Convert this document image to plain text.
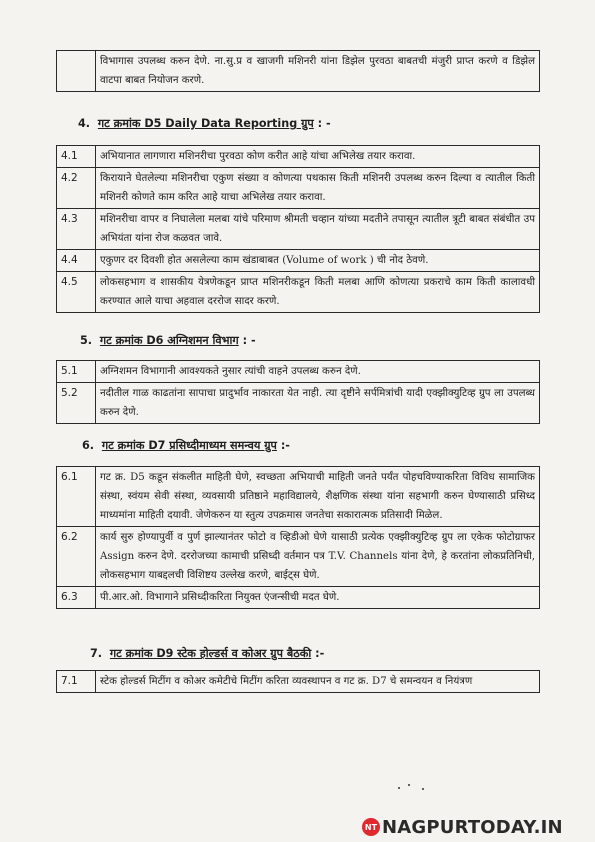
	विभागास उपलब्ध करुन देणे. ना.सु.प्र व खाजगी मशिनरी यांना डिझेल पुरवठा बाबतची मंजुरी प्राप्त करणे व डिझेल वाटपा बाबत नियोजन करणे.
4. गट क्रमांक D5 Daily Data Reporting ग्रुप : -
4.1	अभियानात लागणारा मशिनरीचा पुरवठा कोण करीत आहे यांचा अभिलेख तयार करावा.
4.2	किरायाने घेतलेल्या मशिनरीचा एकुण संख्या व कोणत्या पथकास किती मशिनरी उपलब्ध करुन दिल्या व त्यातील किती मशिनरी कोणते काम करित आहे याचा अभिलेख तयार करावा.
4.3	मशिनरीचा वापर व निघालेला मलबा यांचे परिमाण श्रीमती चव्हान यांच्या मदतीने तपासून त्यातील त्रूटी बाबत संबंधीत उप अभियंता यांना रोज कळवत जावे.
4.4	एकुणर दर दिवशी होत असलेल्या काम खंडाबाबत (Volume of work ) ची नोद ठेवणे.
4.5	लोकसहभाग व शासकीय येत्रणेकडून प्राप्त मशिनरीकडून किती मलबा आणि कोणत्या प्रकराचे काम किती कालावधी करण्यात आले याचा अहवाल दररोज सादर करणे.
5. गट क्रमांक D6 अग्निशमन विभाग : -
5.1	अग्निशमन विभागानी आवश्यकते नुसार त्यांची वाहने उपलब्ध करुन देणे.
5.2	नदीतील गाळ काढतांना सापाचा प्रादुर्भाव नाकारता येत नाही. त्या दृष्टीने सर्पमित्रांची यादी एक्झीक्युटिव्ह ग्रुप ला उपलब्ध करुन देणे.
6. गट क्रमांक D7 प्रसिध्दीमाध्यम समन्वय ग्रुप :-
6.1	गट क्र. D5 कडून संकलीत माहिती घेणे, स्वच्छता अभियाची माहिती जनते पर्यंत पोहचविण्याकरिता विविध सामाजिक संस्था, स्वंयम सेवी संस्था, व्यवसायी प्रतिष्ठाने महाविद्यालये, शैक्षणिक संस्था यांना सहभागी करुन घेण्यासाठी प्रसिध्द माध्यमांना माहिती दयावी. जेणेकरुन या स्तुत्य उपक्रमास जनतेचा सकारात्मक प्रतिसादी मिळेल.
6.2	कार्य सुरु होण्यापुर्वी व पुर्ण झाल्यानंतर फोटो व व्हिडीओ घेणे यासाठी प्रत्येक एक्झीक्युटिव्ह ग्रुप ला एकेक फोटोग्राफर Assign करुन देणे. दररोजच्या कामाची प्रसिध्दी वर्तमान पत्र T.V. Channels यांना देणे, हे करतांना लोकप्रतिनिधी, लोकसहभाग याबद्दलची विशिष्टय उल्लेख करणे, बाईट्स घेणे.
6.3	पी.आर.ओ. विभागाने प्रसिध्दीकरिता नियुक्त एंजन्सीची मदत घेणे.
7. गट क्रमांक D9 स्टेक होल्डर्स व कोअर ग्रुप बैठकी :-
7.1	स्टेक होल्डर्स मिटींग व कोअर कमेटीचे मिटींग करिता व्यवस्थापन व गट क्र. D7 चे समन्वयन व नियंत्रण
NT NAGPURTODAY.IN
